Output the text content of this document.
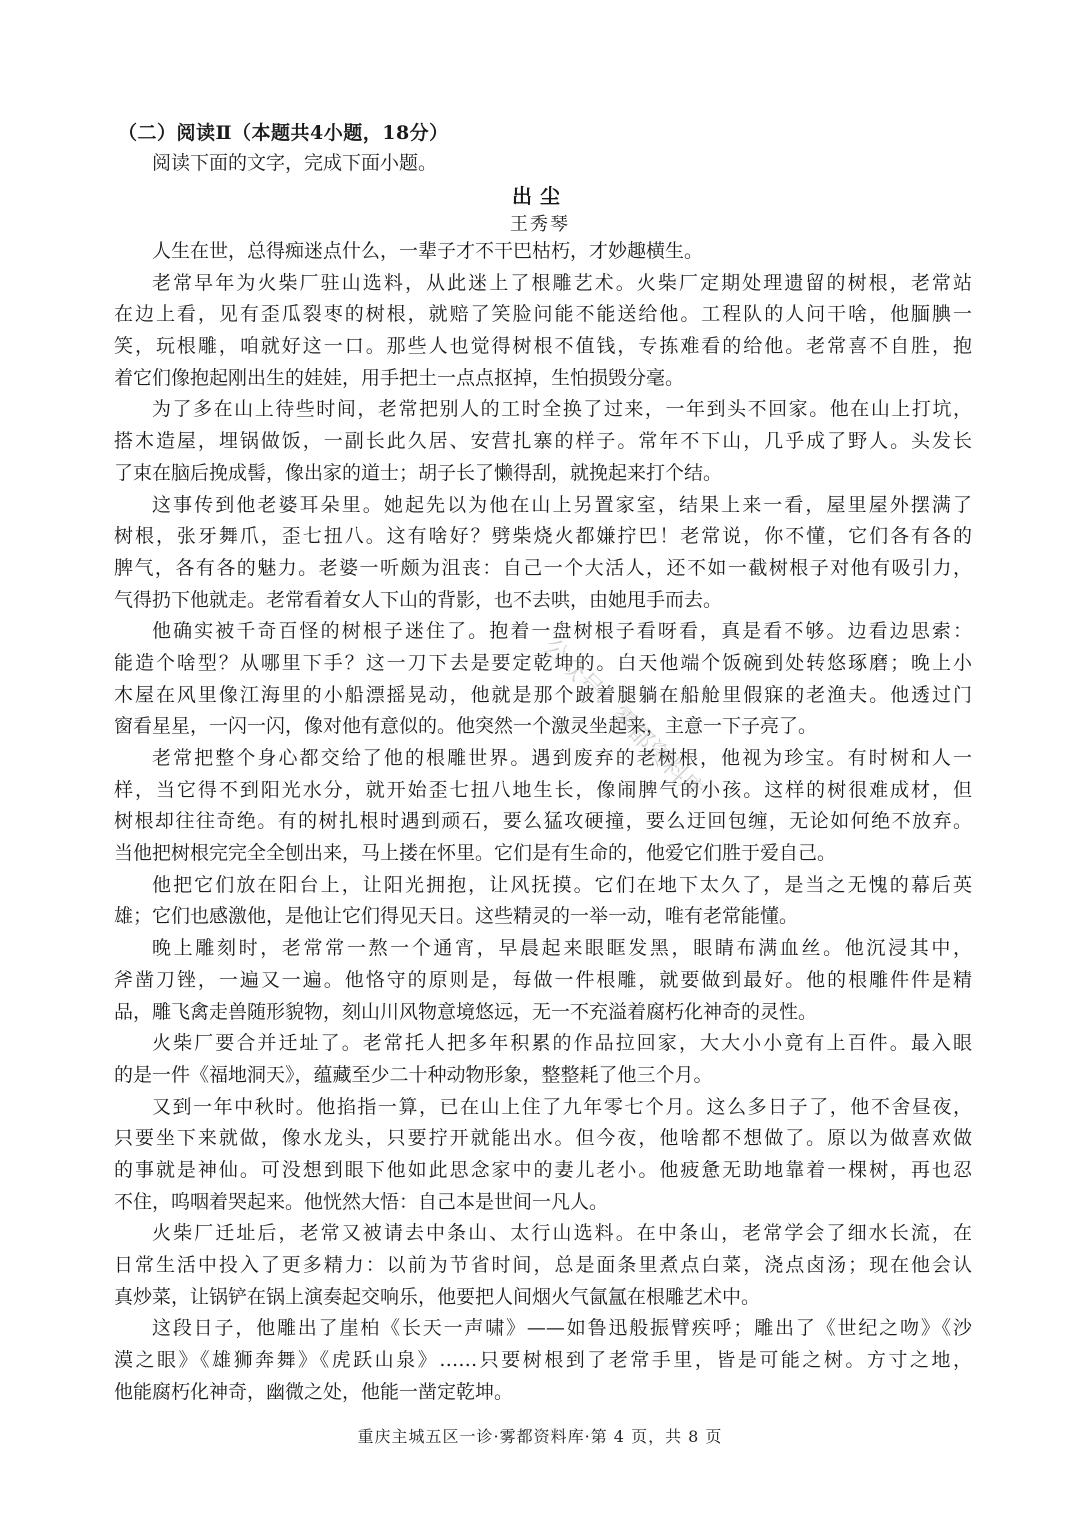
（二）阅读Ⅱ（本题共4小题，18分）
阅读下面的文字，完成下面小题。
出尘
王秀琴
人生在世，总得痴迷点什么，一辈子才不干巴枯朽，才妙趣横生。
老常早年为火柴厂驻山选料，从此迷上了根雕艺术。火柴厂定期处理遗留的树根，老常站
在边上看，见有歪瓜裂枣的树根，就赔了笑脸问能不能送给他。工程队的人问干啥，他腼腆一
笑，玩根雕，咱就好这一口。那些人也觉得树根不值钱，专拣难看的给他。老常喜不自胜，抱
着它们像抱起刚出生的娃娃，用手把土一点点抠掉，生怕损毁分毫。
为了多在山上待些时间，老常把别人的工时全换了过来，一年到头不回家。他在山上打坑，
搭木造屋，埋锅做饭，一副长此久居、安营扎寨的样子。常年不下山，几乎成了野人。头发长
了束在脑后挽成髻，像出家的道士；胡子长了懒得刮，就挽起来打个结。
这事传到他老婆耳朵里。她起先以为他在山上另置家室，结果上来一看，屋里屋外摆满了
树根，张牙舞爪，歪七扭八。这有啥好？劈柴烧火都嫌拧巴！老常说，你不懂，它们各有各的
脾气，各有各的魅力。老婆一听颇为沮丧：自己一个大活人，还不如一截树根子对他有吸引力，
气得扔下他就走。老常看着女人下山的背影，也不去哄，由她甩手而去。
他确实被千奇百怪的树根子迷住了。抱着一盘树根子看呀看，真是看不够。边看边思索：
能造个啥型？从哪里下手？这一刀下去是要定乾坤的。白天他端个饭碗到处转悠琢磨；晚上小
木屋在风里像江海里的小船漂摇晃动，他就是那个跛着腿躺在船舱里假寐的老渔夫。他透过门
窗看星星，一闪一闪，像对他有意似的。他突然一个激灵坐起来，主意一下子亮了。
老常把整个身心都交给了他的根雕世界。遇到废弃的老树根，他视为珍宝。有时树和人一
样，当它得不到阳光水分，就开始歪七扭八地生长，像闹脾气的小孩。这样的树很难成材，但
树根却往往奇绝。有的树扎根时遇到顽石，要么猛攻硬撞，要么迂回包缠，无论如何绝不放弃。
当他把树根完完全全刨出来，马上搂在怀里。它们是有生命的，他爱它们胜于爱自己。
他把它们放在阳台上，让阳光拥抱，让风抚摸。它们在地下太久了，是当之无愧的幕后英
雄；它们也感激他，是他让它们得见天日。这些精灵的一举一动，唯有老常能懂。
晚上雕刻时，老常常一熬一个通宵，早晨起来眼眶发黑，眼睛布满血丝。他沉浸其中，
斧凿刀锉，一遍又一遍。他恪守的原则是，每做一件根雕，就要做到最好。他的根雕件件是精
品，雕飞禽走兽随形貌物，刻山川风物意境悠远，无一不充溢着腐朽化神奇的灵性。
火柴厂要合并迁址了。老常托人把多年积累的作品拉回家，大大小小竟有上百件。最入眼
的是一件《福地洞天》，蕴藏至少二十种动物形象，整整耗了他三个月。
又到一年中秋时。他掐指一算，已在山上住了九年零七个月。这么多日子了，他不舍昼夜，
只要坐下来就做，像水龙头，只要拧开就能出水。但今夜，他啥都不想做了。原以为做喜欢做
的事就是神仙。可没想到眼下他如此思念家中的妻儿老小。他疲惫无助地靠着一棵树，再也忍
不住，呜咽着哭起来。他恍然大悟：自己本是世间一凡人。
火柴厂迁址后，老常又被请去中条山、太行山选料。在中条山，老常学会了细水长流，在
日常生活中投入了更多精力：以前为节省时间，总是面条里煮点白菜，浇点卤汤；现在他会认
真炒菜，让锅铲在锅上演奏起交响乐，他要把人间烟火气氤氲在根雕艺术中。
这段日子，他雕出了崖柏《长天一声啸》——如鲁迅般振臂疾呼；雕出了《世纪之吻》《沙
漠之眼》《雄狮奔舞》《虎跃山泉》……只要树根到了老常手里，皆是可能之树。方寸之地，
他能腐朽化神奇，幽微之处，他能一凿定乾坤。
公众号：雾都资料库
重庆主城五区一诊·雾都资料库·第 4 页，共 8 页
